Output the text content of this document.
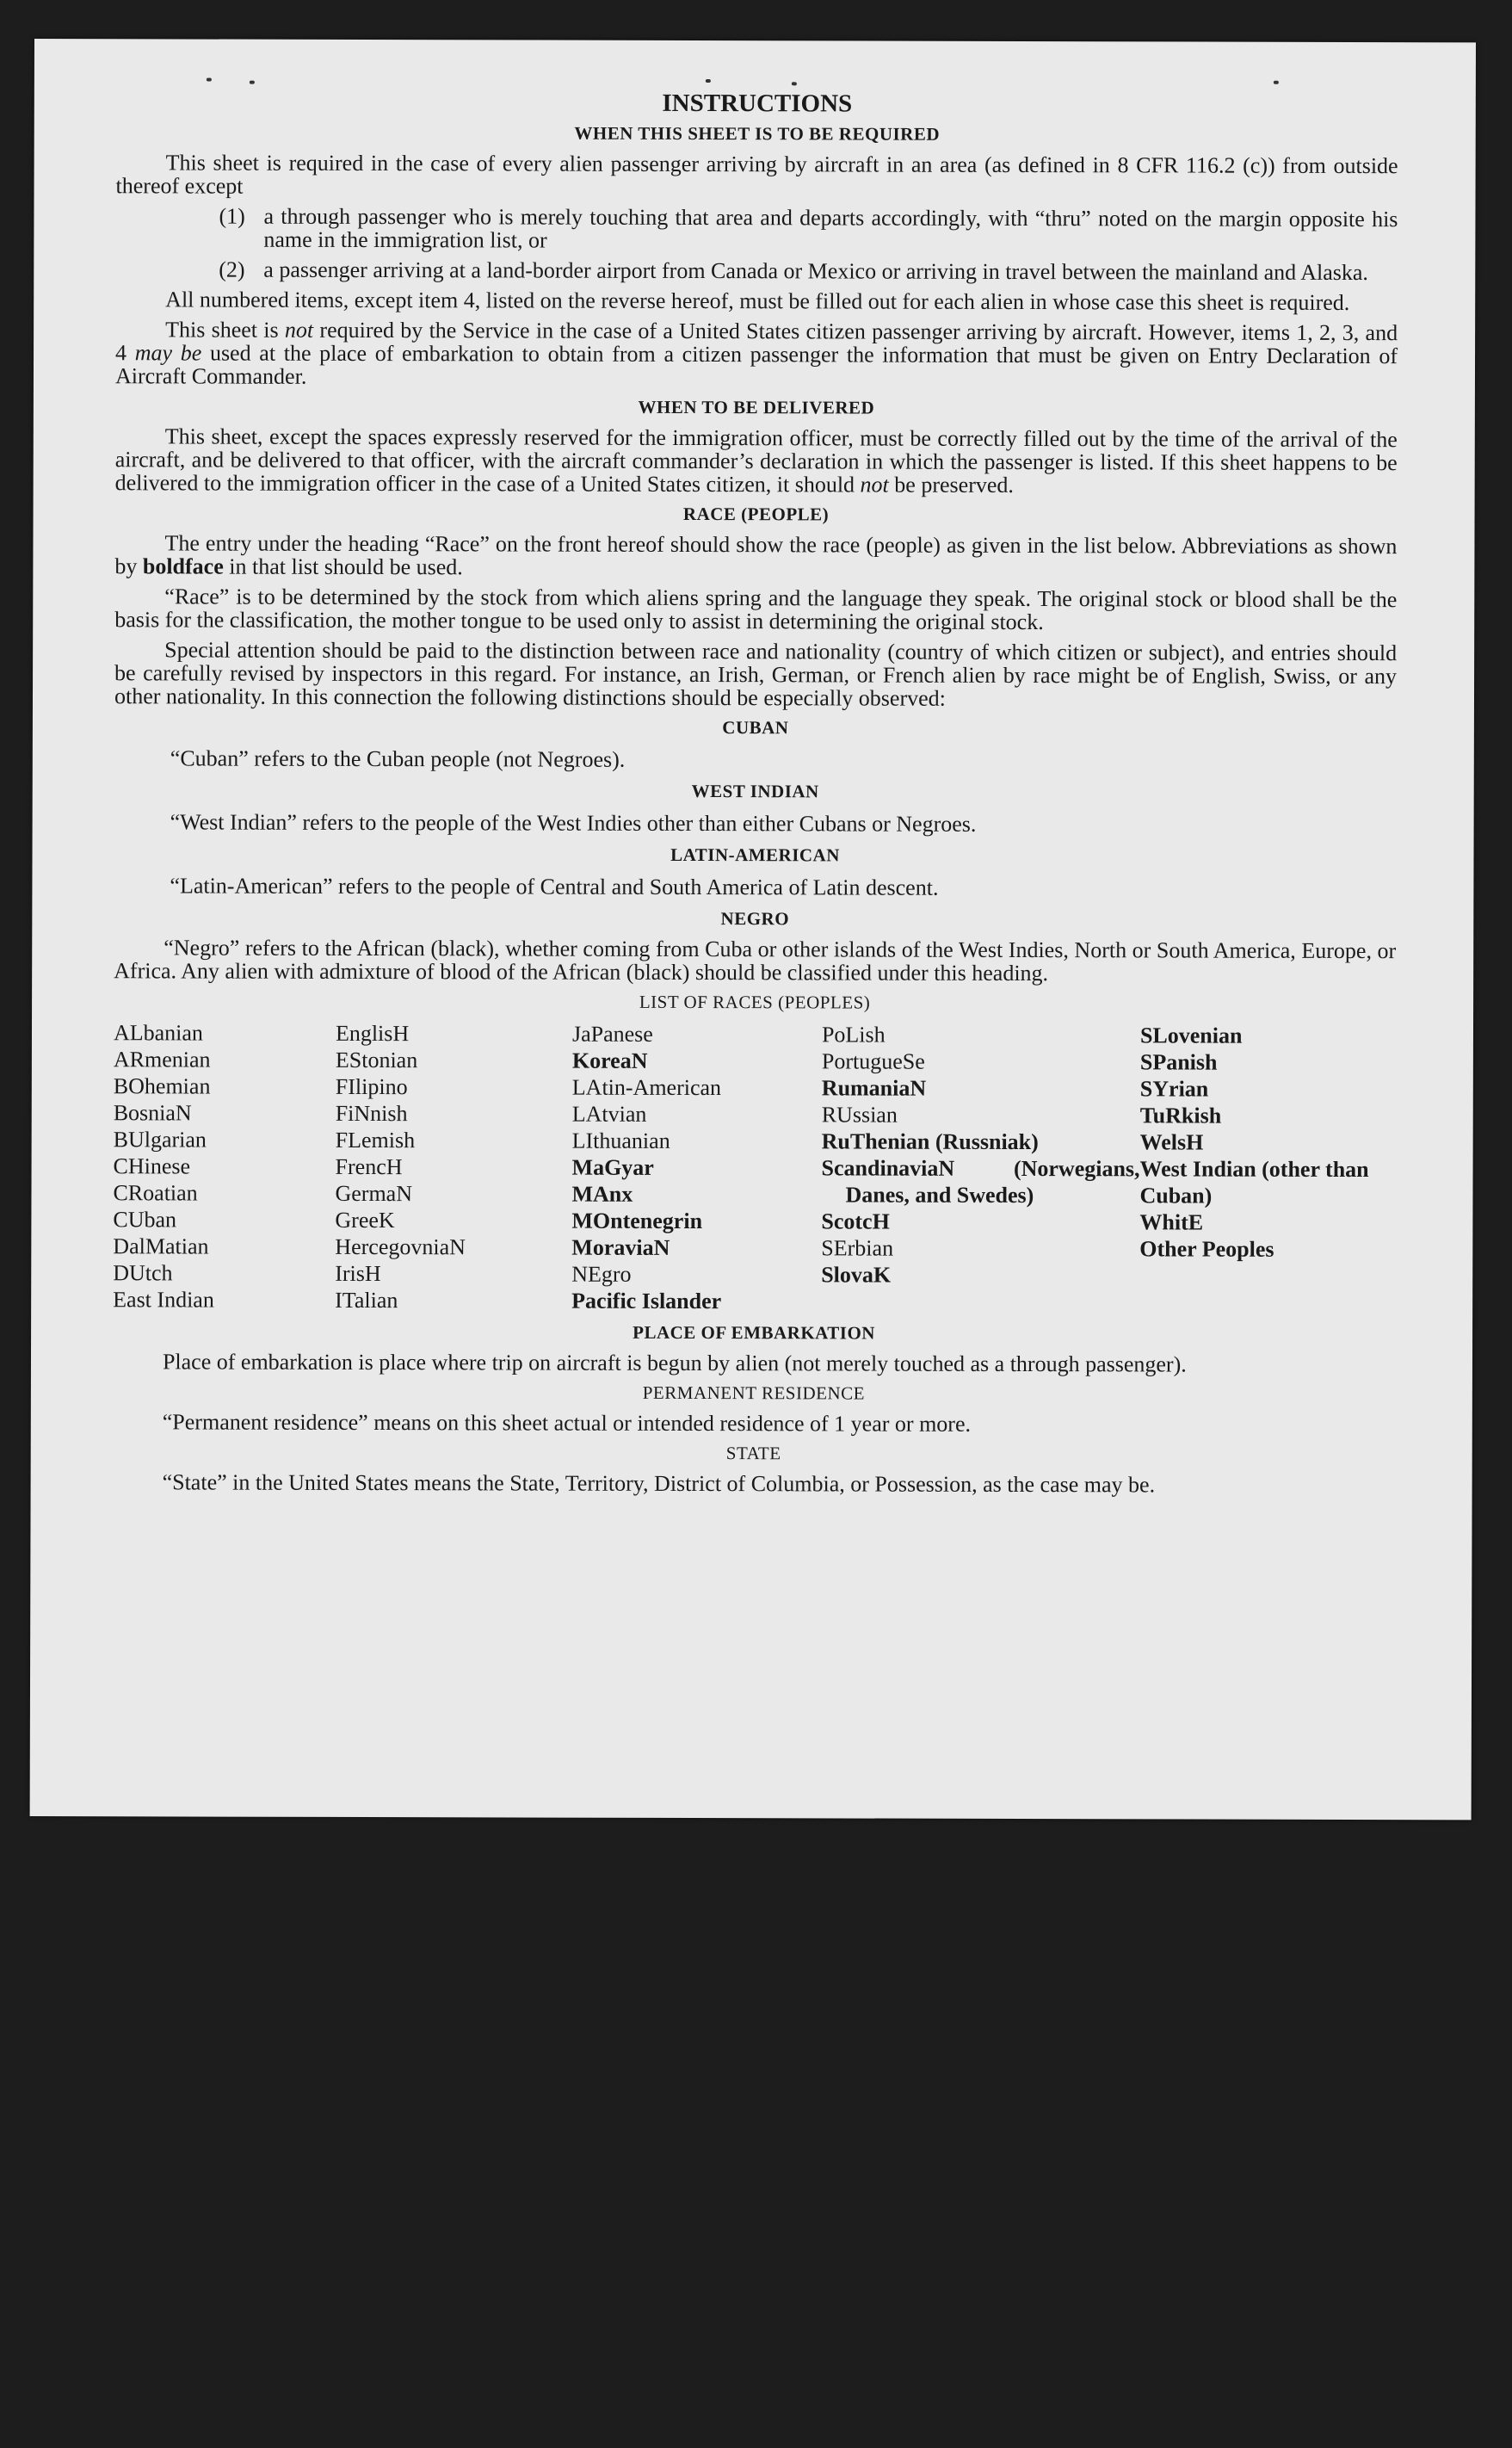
INSTRUCTIONS
WHEN THIS SHEET IS TO BE REQUIRED

This sheet is required in the case of every alien passenger arriving by aircraft in an area (as defined in 8 CFR 116.2 (c)) from outside thereof except

(1) a through passenger who is merely touching that area and departs accordingly, with “thru” noted on the margin opposite his name in the immigration list, or
(2) a passenger arriving at a land-border airport from Canada or Mexico or arriving in travel between the mainland and Alaska.

All numbered items, except item 4, listed on the reverse hereof, must be filled out for each alien in whose case this sheet is required.

This sheet is not required by the Service in the case of a United States citizen passenger arriving by aircraft. However, items 1, 2, 3, and 4 may be used at the place of embarkation to obtain from a citizen passenger the information that must be given on Entry Declaration of Aircraft Commander.

WHEN TO BE DELIVERED

This sheet, except the spaces expressly reserved for the immigration officer, must be correctly filled out by the time of the arrival of the aircraft, and be delivered to that officer, with the aircraft commander’s declaration in which the passenger is listed. If this sheet happens to be delivered to the immigration officer in the case of a United States citizen, it should not be preserved.

RACE (PEOPLE)

The entry under the heading “Race” on the front hereof should show the race (people) as given in the list below. Abbreviations as shown by boldface in that list should be used.

“Race” is to be determined by the stock from which aliens spring and the language they speak. The original stock or blood shall be the basis for the classification, the mother tongue to be used only to assist in determining the original stock.

Special attention should be paid to the distinction between race and nationality (country of which citizen or subject), and entries should be carefully revised by inspectors in this regard. For instance, an Irish, German, or French alien by race might be of English, Swiss, or any other nationality. In this connection the following distinctions should be especially observed:

CUBAN
“Cuban” refers to the Cuban people (not Negroes).
WEST INDIAN
“West Indian” refers to the people of the West Indies other than either Cubans or Negroes.
LATIN-AMERICAN
“Latin-American” refers to the people of Central and South America of Latin descent.
NEGRO

“Negro” refers to the African (black), whether coming from Cuba or other islands of the West Indies, North or South America, Europe, or Africa. Any alien with admixture of blood of the African (black) should be classified under this heading.

LIST OF RACES (PEOPLES)
ALbanian
ARmenian
BOhemian
BosniaN
BUlgarian
CHinese
CRoatian
CUban
DalMatian
DUtch
East Indian
EnglisH
EStonian
FIlipino
FiNnish
FLemish
FrencH
GermaN
GreeK
HercegovniaN
IrisH
ITalian
JaPanese
KoreaN
LAtin-American
LAtvian
LIthuanian
MaGyar
MAnx
MOntenegrin
MoraviaN
NEgro
Pacific Islander
PoLish
PortugueSe
RumaniaN
RUssian
RuThenian (Russniak)
ScandinaviaN (Norwegians, Danes, and Swedes)
ScotcH
SErbian
SlovaK
SLovenian
SPanish
SYrian
TuRkish
WelsH
West Indian (other than Cuban)
WhitE
Other Peoples
PLACE OF EMBARKATION

Place of embarkation is place where trip on aircraft is begun by alien (not merely touched as a through passenger).

PERMANENT RESIDENCE

“Permanent residence” means on this sheet actual or intended residence of 1 year or more.

STATE

“State” in the United States means the State, Territory, District of Columbia, or Possession, as the case may be.
